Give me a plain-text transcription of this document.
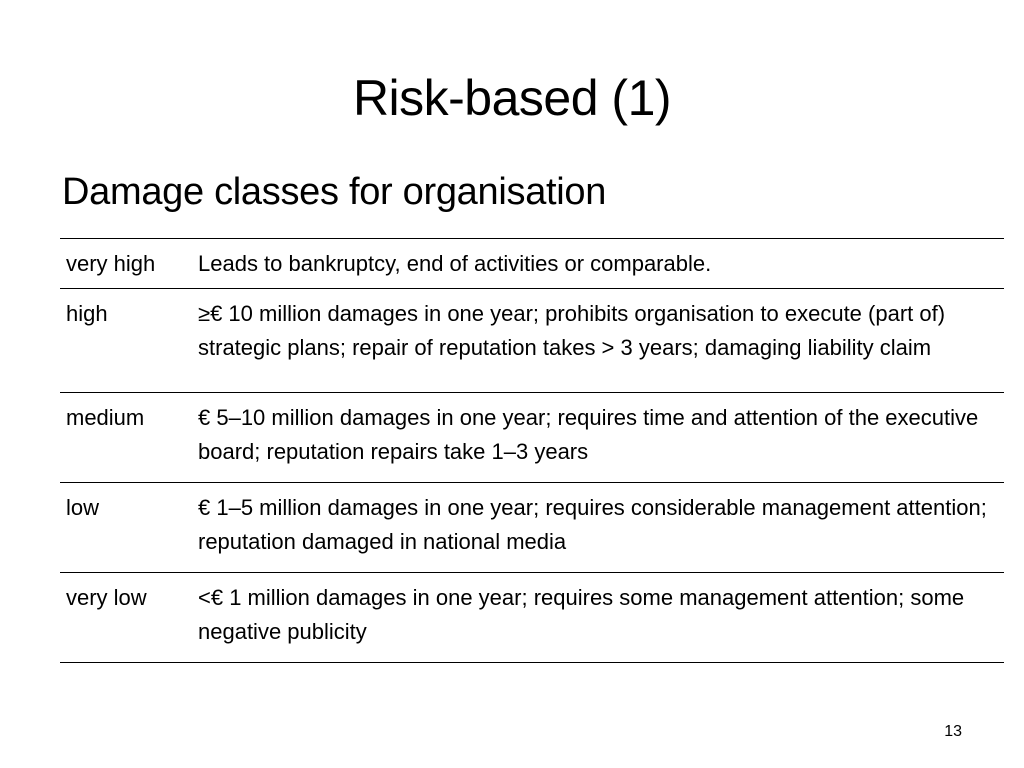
Risk-based (1)
Damage classes for organisation
very high	Leads to bankruptcy, end of activities or comparable.
high	≥€ 10 million damages in one year; prohibits organisation to execute (part of) strategic plans; repair of reputation takes > 3 years; damaging liability claim
medium	€ 5–10 million damages in one year; requires time and attention of the executive board; reputation repairs take 1–3 years
low	€ 1–5 million damages in one year; requires considerable management attention; reputation damaged in national media
very low	<€ 1 million damages in one year; requires some management attention; some negative publicity
13
